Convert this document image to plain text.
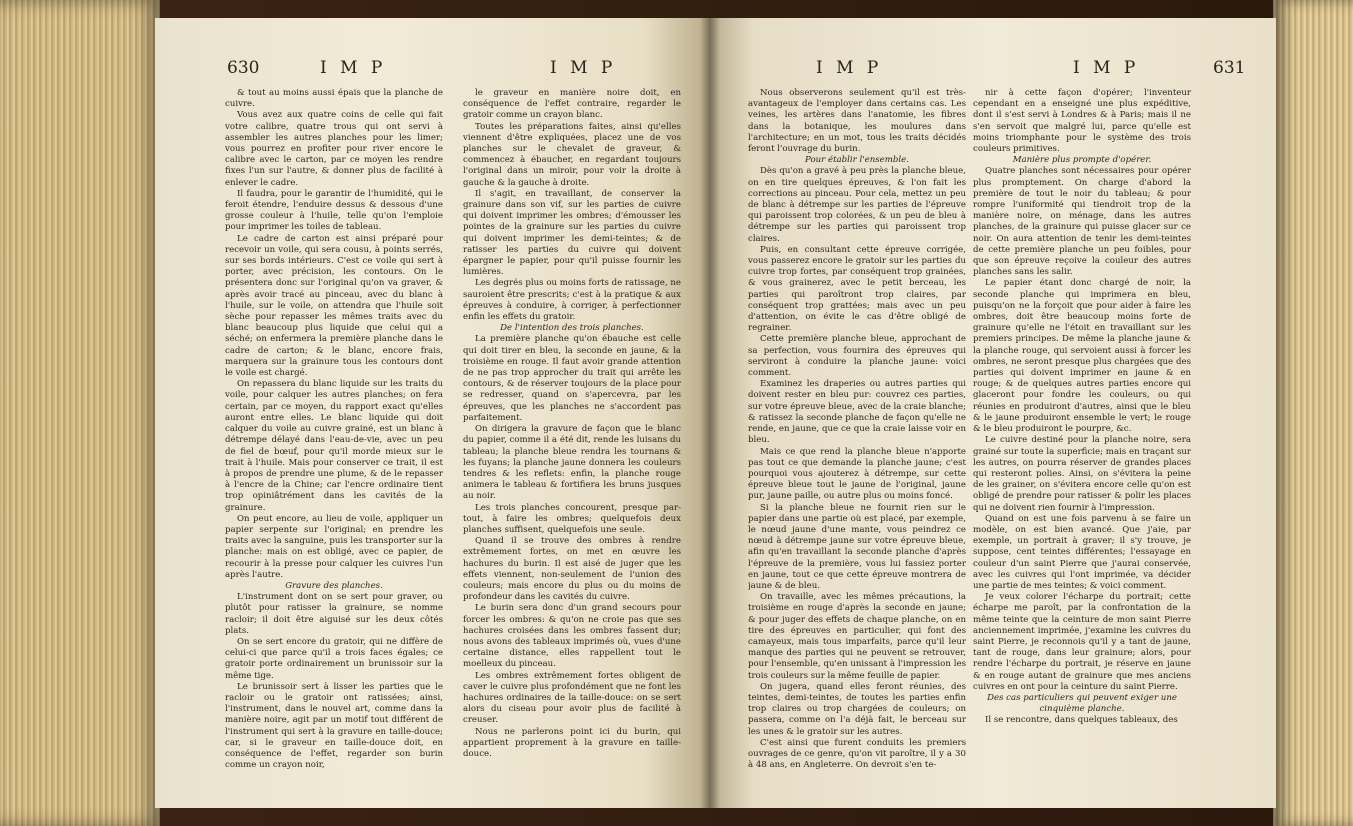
630	I M P	I M P

& tout au moins aussi épais que la planche de cuivre.

Vous avez aux quatre coins de celle qui fait votre calibre, quatre trous qui ont servi à assembler les autres planches pour les limer; vous pourrez en profiter pour river encore le calibre avec le carton, par ce moyen les rendre fixes l'un sur l'autre, & donner plus de facilité à enlever le cadre.

Il faudra, pour le garantir de l'humidité, qui le feroit étendre, l'enduire dessus & dessous d'une grosse couleur à l'huile, telle qu'on l'emploie pour imprimer les toiles de tableau.

Le cadre de carton est ainsi préparé pour recevoir un voile, qui sera cousu, à points serrés, sur ses bords intérieurs. C'est ce voile qui sert à porter, avec précision, les contours. On le présentera donc sur l'original qu'on va graver, & après avoir tracé au pinceau, avec du blanc à l'huile, sur le voile, on attendra que l'huile soit sèche pour repasser les mêmes traits avec du blanc beaucoup plus liquide que celui qui a séché; on enfermera la première planche dans le cadre de carton; & le blanc, encore frais, marquera sur la grainure tous les contours dont le voile est chargé.

On repassera du blanc liquide sur les traits du voile, pour calquer les autres planches; on fera certain, par ce moyen, du rapport exact qu'elles auront entre elles. Le blanc liquide qui doit calquer du voile au cuivre grainé, est un blanc à détrempe délayé dans l'eau-de-vie, avec un peu de fiel de bœuf, pour qu'il morde mieux sur le trait à l'huile. Mais pour conserver ce trait, il est à propos de prendre une plume, & de le repasser à l'encre de la Chine; car l'encre ordinaire tient trop opiniâtrément dans les cavités de la grainure.

On peut encore, au lieu de voile, appliquer un papier serpente sur l'original; en prendre les traits avec la sanguine, puis les transporter sur la planche: mais on est obligé, avec ce papier, de recourir à la presse pour calquer les cuivres l'un après l'autre.

Gravure des planches.

L'instrument dont on se sert pour graver, ou plutôt pour ratisser la grainure, se nomme racloir; il doit être aiguisé sur les deux côtés plats.

On se sert encore du gratoir, qui ne diffère de celui-ci que parce qu'il a trois faces égales; ce gratoir porte ordinairement un brunissoir sur la même tige.

Le brunissoir sert à lisser les parties que le racloir ou le gratoir ont ratissées; ainsi, l'instrument, dans le nouvel art, comme dans la manière noire, agit par un motif tout différent de l'instrument qui sert à la gravure en taille-douce; car, si le graveur en taille-douce doit, en conséquence de l'effet, regarder son burin comme un crayon noir,

le graveur en manière noire doit, en conséquence de l'effet contraire, regarder le gratoir comme un crayon blanc.

Toutes les préparations faites, ainsi qu'elles viennent d'être expliquées, placez une de vos planches sur le chevalet de graveur, & commencez à ébaucher, en regardant toujours l'original dans un miroir, pour voir la droite à gauche & la gauche à droite.

Il s'agit, en travaillant, de conserver la grainure dans son vif, sur les parties de cuivre qui doivent imprimer les ombres; d'émousser les pointes de la grainure sur les parties du cuivre qui doivent imprimer les demi-teintes; & de ratisser les parties du cuivre qui doivent épargner le papier, pour qu'il puisse fournir les lumières.

Les degrés plus ou moins forts de ratissage, ne sauroient être prescrits; c'est à la pratique & aux épreuves à conduire, à corriger, à perfectionner enfin les effets du gratoir.

De l'intention des trois planches.

La première planche qu'on ébauche est celle qui doit tirer en bleu, la seconde en jaune, & la troisième en rouge. Il faut avoir grande attention de ne pas trop approcher du trait qui arrête les contours, & de réserver toujours de la place pour se redresser, quand on s'apercevra, par les épreuves, que les planches ne s'accordent pas parfaitement.

On dirigera la gravure de façon que le blanc du papier, comme il a été dit, rende les luisans du tableau; la planche bleue rendra les tournans & les fuyans; la planche jaune donnera les couleurs tendres & les reflets: enfin, la planche rouge animera le tableau & fortifiera les bruns jusques au noir.

Les trois planches concourent, presque par-tout, à faire les ombres; quelquefois deux planches suffisent, quelquefois une seule.

Quand il se trouve des ombres à rendre extrêmement fortes, on met en œuvre les hachures du burin. Il est aisé de juger que les effets viennent, non-seulement de l'union des couleurs; mais encore du plus ou du moins de profondeur dans les cavités du cuivre.

Le burin sera donc d'un grand secours pour forcer les ombres: & qu'on ne croie pas que ses hachures croisées dans les ombres fassent dur; nous avons des tableaux imprimés où, vues d'une certaine distance, elles rappellent tout le moelleux du pinceau.

Les ombres extrêmement fortes obligent de caver le cuivre plus profondément que ne font les hachures ordinaires de la taille-douce: on se sert alors du ciseau pour avoir plus de facilité à creuser.

Nous ne parlerons point ici du burin, qui appartient proprement à la gravure en taille-douce.

I M P	I M P	631

Nous observerons seulement qu'il est très-avantageux de l'employer dans certains cas. Les veines, les artères dans l'anatomie, les fibres dans la botanique, les moulures dans l'architecture; en un mot, tous les traits décidés feront l'ouvrage du burin.

Pour établir l'ensemble.

Dès qu'on a gravé à peu près la planche bleue, on en tire quelques épreuves, & l'on fait les corrections au pinceau. Pour cela, mettez un peu de blanc à détrempe sur les parties de l'épreuve qui paroissent trop colorées, & un peu de bleu à détrempe sur les parties qui paroissent trop claires.

Puis, en consultant cette épreuve corrigée, vous passerez encore le gratoir sur les parties du cuivre trop fortes, par conséquent trop grainées, & vous grainerez, avec le petit berceau, les parties qui paroîtront trop claires, par conséquent trop grattées; mais avec un peu d'attention, on évite le cas d'être obligé de regrainer.

Cette première planche bleue, approchant de sa perfection, vous fournira des épreuves qui serviront à conduire la planche jaune: voici comment.

Examinez les draperies ou autres parties qui doivent rester en bleu pur: couvrez ces parties, sur votre épreuve bleue, avec de la craie blanche; & ratissez la seconde planche de façon qu'elle ne rende, en jaune, que ce que la craie laisse voir en bleu.

Mais ce que rend la planche bleue n'apporte pas tout ce que demande la planche jaune; c'est pourquoi vous ajouterez à détrempe, sur cette épreuve bleue tout le jaune de l'original, jaune pur, jaune paille, ou autre plus ou moins foncé.

Si la planche bleue ne fournit rien sur le papier dans une partie où est placé, par exemple, le nœud jaune d'une mante, vous peindrez ce nœud à détrempe jaune sur votre épreuve bleue, afin qu'en travaillant la seconde planche d'après l'épreuve de la première, vous lui fassiez porter en jaune, tout ce que cette épreuve montrera de jaune & de bleu.

On travaille, avec les mêmes précautions, la troisième en rouge d'après la seconde en jaune; & pour juger des effets de chaque planche, on en tire des épreuves en particulier, qui font des camayeux, mais tous imparfaits, parce qu'il leur manque des parties qui ne peuvent se retrouver, pour l'ensemble, qu'en unissant à l'impression les trois couleurs sur la même feuille de papier.

On jugera, quand elles feront réunies, des teintes, demi-teintes, de toutes les parties enfin trop claires ou trop chargées de couleurs; on passera, comme on l'a déjà fait, le berceau sur les unes & le gratoir sur les autres.

C'est ainsi que furent conduits les premiers ouvrages de ce genre, qu'on vit paroître, il y a 30 à 48 ans, en Angleterre. On devroit s'en te-

nir à cette façon d'opérer; l'inventeur cependant en a enseigné une plus expéditive, dont il s'est servi à Londres & à Paris; mais il ne s'en servoit que malgré lui, parce qu'elle est moins triomphante pour le système des trois couleurs primitives.

Manière plus prompte d'opérer.

Quatre planches sont nécessaires pour opérer plus promptement. On charge d'abord la première de tout le noir du tableau; & pour rompre l'uniformité qui tiendroit trop de la manière noire, on ménage, dans les autres planches, de la grainure qui puisse glacer sur ce noir. On aura attention de tenir les demi-teintes de cette première planche un peu foibles, pour que son épreuve reçoive la couleur des autres planches sans les salir.

Le papier étant donc chargé de noir, la seconde planche qui imprimera en bleu, puisqu'on ne la forçoit que pour aider à faire les ombres, doit être beaucoup moins forte de grainure qu'elle ne l'étoit en travaillant sur les premiers principes. De même la planche jaune & la planche rouge, qui servoient aussi à forcer les ombres, ne seront presque plus chargées que des parties qui doivent imprimer en jaune & en rouge; & de quelques autres parties encore qui glaceront pour fondre les couleurs, ou qui réunies en produiront d'autres, ainsi que le bleu & le jaune produiront ensemble le vert; le rouge & le bleu produiront le pourpre, &c.

Le cuivre destiné pour la planche noire, sera grainé sur toute la superficie; mais en traçant sur les autres, on pourra réserver de grandes places qui resteront polies. Ainsi, on s'évitera la peine de les grainer, on s'évitera encore celle qu'on est obligé de prendre pour ratisser & polir les places qui ne doivent rien fournir à l'impression.

Quand on est une fois parvenu à se faire un modèle, on est bien avancé. Que j'aie, par exemple, un portrait à graver; il s'y trouve, je suppose, cent teintes différentes; l'essayage en couleur d'un saint Pierre que j'aurai conservée, avec les cuivres qui l'ont imprimée, va décider une partie de mes teintes; & voici comment.

Je veux colorer l'écharpe du portrait; cette écharpe me paroît, par la confrontation de la même teinte que la ceinture de mon saint Pierre anciennement imprimée, j'examine les cuivres du saint Pierre, je reconnois qu'il y a tant de jaune, tant de rouge, dans leur grainure; alors, pour rendre l'écharpe du portrait, je réserve en jaune & en rouge autant de grainure que mes anciens cuivres en ont pour la ceinture du saint Pierre.

Des cas particuliers qui peuvent exiger une cinquième planche.

Il se rencontre, dans quelques tableaux, des
